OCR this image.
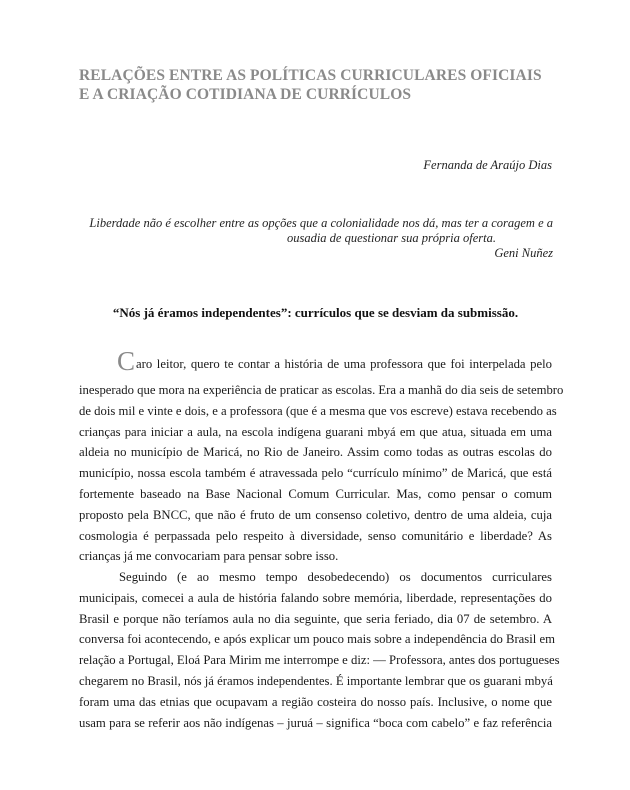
RELAÇÕES ENTRE AS POLÍTICAS CURRICULARES OFICIAIS
E A CRIAÇÃO COTIDIANA DE CURRÍCULOS
Fernanda de Araújo Dias
Liberdade não é escolher entre as opções que a colonialidade nos dá, mas ter a coragem e a
ousadia de questionar sua própria oferta.
Geni Nuñez
“Nós já éramos independentes”: currículos que se desviam da submissão.
Caro leitor, quero te contar a história de uma professora que foi interpelada pelo
inesperado que mora na experiência de praticar as escolas. Era a manhã do dia seis de setembro
de dois mil e vinte e dois, e a professora (que é a mesma que vos escreve) estava recebendo as
crianças para iniciar a aula, na escola indígena guarani mbyá em que atua, situada em uma
aldeia no município de Maricá, no Rio de Janeiro. Assim como todas as outras escolas do
município, nossa escola também é atravessada pelo “currículo mínimo” de Maricá, que está
fortemente baseado na Base Nacional Comum Curricular. Mas, como pensar o comum
proposto pela BNCC, que não é fruto de um consenso coletivo, dentro de uma aldeia, cuja
cosmologia é perpassada pelo respeito à diversidade, senso comunitário e liberdade? As
crianças já me convocariam para pensar sobre isso.
Seguindo (e ao mesmo tempo desobedecendo) os documentos curriculares
municipais, comecei a aula de história falando sobre memória, liberdade, representações do
Brasil e porque não teríamos aula no dia seguinte, que seria feriado, dia 07 de setembro. A
conversa foi acontecendo, e após explicar um pouco mais sobre a independência do Brasil em
relação a Portugal, Eloá Para Mirim me interrompe e diz: — Professora, antes dos portugueses
chegarem no Brasil, nós já éramos independentes. É importante lembrar que os guarani mbyá
foram uma das etnias que ocupavam a região costeira do nosso país. Inclusive, o nome que
usam para se referir aos não indígenas – juruá – significa “boca com cabelo” e faz referência
